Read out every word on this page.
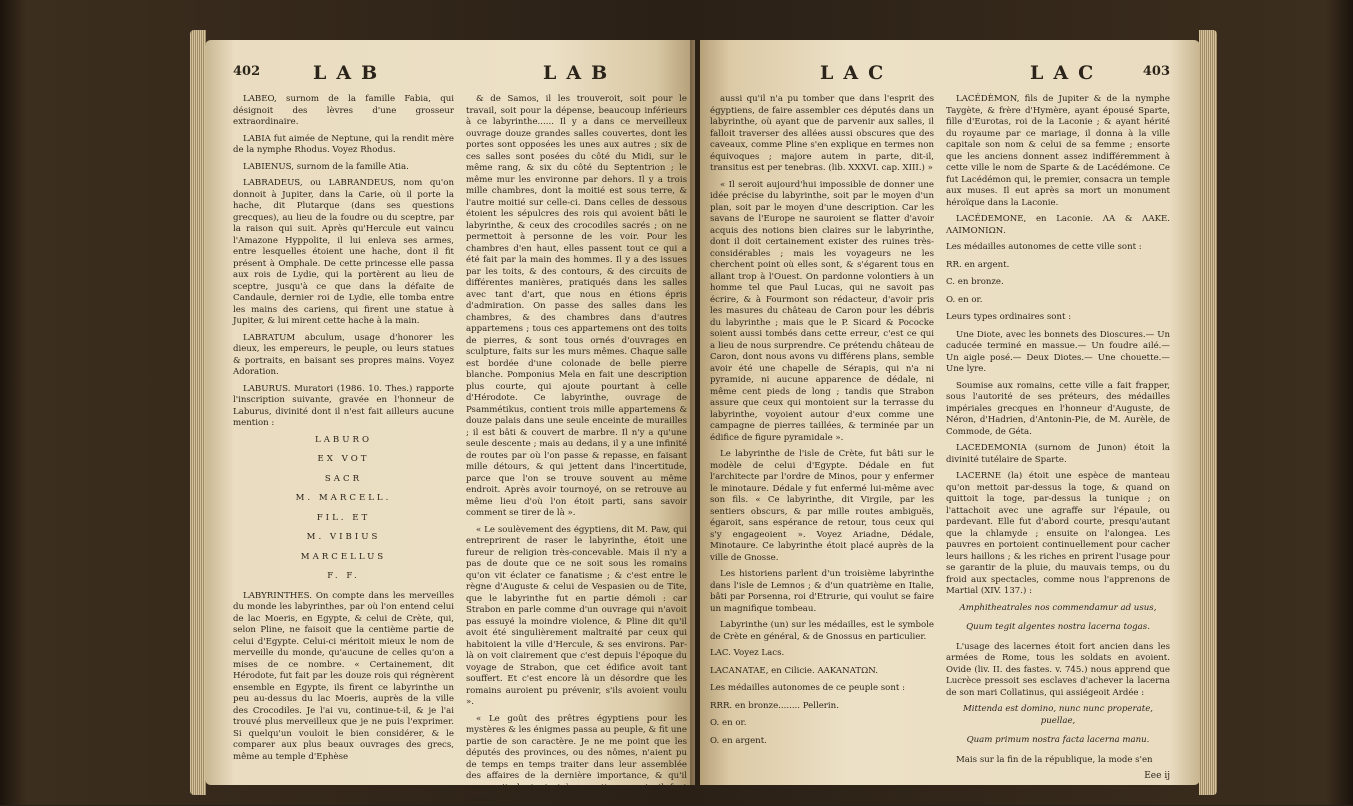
402	LAB	LAB

LABEO, surnom de la famille Fabia, qui désignoit des lèvres d'une grosseur extraordinaire.

LABIA fut aimée de Neptune, qui la rendit mère de la nymphe Rhodus. Voyez Rhodus.

LABIENUS, surnom de la famille Atia.

LABRADEUS, ou LABRANDEUS, nom qu'on donnoit à Jupiter, dans la Carie, où il porte la hache, dit Plutarque (dans ses questions grecques), au lieu de la foudre ou du sceptre, par la raison qui suit. Après qu'Hercule eut vaincu l'Amazone Hyppolite, il lui enleva ses armes, entre lesquelles étoient une hache, dont il fit présent à Omphale. De cette princesse elle passa aux rois de Lydie, qui la portèrent au lieu de sceptre, jusqu'à ce que dans la défaite de Candaule, dernier roi de Lydie, elle tomba entre les mains des cariens, qui firent une statue à Jupiter, & lui mirent cette hache à la main.

LABRATUM abculum, usage d'honorer les dieux, les empereurs, le peuple, ou leurs statues & portraits, en baisant ses propres mains. Voyez Adoration.

LABURUS. Muratori (1986. 10. Thes.) rapporte l'inscription suivante, gravée en l'honneur de Laburus, divinité dont il n'est fait ailleurs aucune mention :

LABURO

EX VOT

SACR

M. MARCELL.

FIL. ET

M. VIBIUS

MARCELLUS

F. F.

LABYRINTHES. On compte dans les merveilles du monde les labyrinthes, par où l'on entend celui de lac Moeris, en Egypte, & celui de Crète, qui, selon Pline, ne faisoit que la centième partie de celui d'Egypte. Celui-ci méritoit mieux le nom de merveille du monde, qu'aucune de celles qu'on a mises de ce nombre. « Certainement, dit Hérodote, fut fait par les douze rois qui régnèrent ensemble en Egypte, ils firent ce labyrinthe un peu au-dessus du lac Moeris, auprès de la ville des Crocodiles. Je l'ai vu, continue-t-il, & je l'ai trouvé plus merveilleux que je ne puis l'exprimer. Si quelqu'un vouloit le bien considérer, & le comparer aux plus beaux ouvrages des grecs, même au temple d'Ephèse

& de Samos, il les trouveroit, soit pour le travail, soit pour la dépense, beaucoup inférieurs à ce labyrinthe...... Il y a dans ce merveilleux ouvrage douze grandes salles couvertes, dont les portes sont opposées les unes aux autres ; six de ces salles sont posées du côté du Midi, sur le même rang, & six du côté du Septentrion ; le même mur les environne par dehors. Il y a trois mille chambres, dont la moitié est sous terre, & l'autre moitié sur celle-ci. Dans celles de dessous étoient les sépulcres des rois qui avoient bâti le labyrinthe, & ceux des crocodiles sacrés ; on ne permettoit à personne de les voir. Pour les chambres d'en haut, elles passent tout ce qui a été fait par la main des hommes. Il y a des issues par les toits, & des contours, & des circuits de différentes manières, pratiqués dans les salles avec tant d'art, que nous en étions épris d'admiration. On passe des salles dans les chambres, & des chambres dans d'autres appartemens ; tous ces appartemens ont des toits de pierres, & sont tous ornés d'ouvrages en sculpture, faits sur les murs mêmes. Chaque salle est bordée d'une colonade de belle pierre blanche. Pomponius Mela en fait une description plus courte, qui ajoute pourtant à celle d'Hérodote. Ce labyrinthe, ouvrage de Psammétikus, contient trois mille appartemens & douze palais dans une seule enceinte de murailles ; il est bâti & couvert de marbre. Il n'y a qu'une seule descente ; mais au dedans, il y a une infinité de routes par où l'on passe & repasse, en faisant mille détours, & qui jettent dans l'incertitude, parce que l'on se trouve souvent au même endroit. Après avoir tournoyé, on se retrouve au même lieu d'où l'on étoit parti, sans savoir comment se tirer de là ».

« Le soulèvement des égyptiens, dit M. Paw, qui entreprirent de raser le labyrinthe, étoit une fureur de religion très-concevable. Mais il n'y a pas de doute que ce ne soit sous les romains qu'on vit éclater ce fanatisme ; & c'est entre le règne d'Auguste & celui de Vespasien ou de Tite, que le labyrinthe fut en partie démoli : car Strabon en parle comme d'un ouvrage qui n'avoit pas essuyé la moindre violence, & Pline dit qu'il avoit été singulièrement maltraité par ceux qui habitoient la ville d'Hercule, & ses environs. Par-là on voit clairement que c'est depuis l'époque du voyage de Strabon, que cet édifice avoit tant souffert. Et c'est encore là un désordre que les romains auroient pu prévenir, s'ils avoient voulu ».

« Le goût des prêtres égyptiens pour les mystères & les énigmes passa au peuple, & fit une partie de son caractère. Je ne me point que les députés des provinces, ou des nômes, n'aient pu de temps en temps traiter dans leur assemblée des affaires de la dernière importance, & qu'il convenoit de tenir très-secrettes ; mais il faut avouer

LAC	LAC	403

aussi qu'il n'a pu tomber que dans l'esprit des égyptiens, de faire assembler ces députés dans un labyrinthe, où ayant que de parvenir aux salles, il falloit traverser des allées aussi obscures que des caveaux, comme Pline s'en explique en termes non équivoques ; majore autem in parte, dit-il, transitus est per tenebras. (lib. XXXVI. cap. XIII.) »

« Il seroit aujourd'hui impossible de donner une idée précise du labyrinthe, soit par le moyen d'un plan, soit par le moyen d'une description. Car les savans de l'Europe ne sauroient se flatter d'avoir acquis des notions bien claires sur le labyrinthe, dont il doit certainement exister des ruines très-considérables ; mais les voyageurs ne les cherchent point où elles sont, & s'égarent tous en allant trop à l'Ouest. On pardonne volontiers à un homme tel que Paul Lucas, qui ne savoit pas écrire, & à Fourmont son rédacteur, d'avoir pris les masures du château de Caron pour les débris du labyrinthe ; mais que le P. Sicard & Pococke soient aussi tombés dans cette erreur, c'est ce qui a lieu de nous surprendre. Ce prétendu château de Caron, dont nous avons vu différens plans, semble avoir été une chapelle de Sérapis, qui n'a ni pyramide, ni aucune apparence de dédale, ni même cent pieds de long ; tandis que Strabon assure que ceux qui montoient sur la terrasse du labyrinthe, voyoient autour d'eux comme une campagne de pierres taillées, & terminée par un édifice de figure pyramidale ».

Le labyrinthe de l'isle de Crète, fut bâti sur le modèle de celui d'Egypte. Dédale en fut l'architecte par l'ordre de Minos, pour y enfermer le minotaure. Dédale y fut enfermé lui-même avec son fils. « Ce labyrinthe, dit Virgile, par les sentiers obscurs, & par mille routes ambiguës, égaroit, sans espérance de retour, tous ceux qui s'y engageoient ». Voyez Ariadne, Dédale, Minotaure. Ce labyrinthe étoit placé auprès de la ville de Gnosse.

Les historiens parlent d'un troisième labyrinthe dans l'isle de Lemnos ; & d'un quatrième en Italie, bâti par Porsenna, roi d'Etrurie, qui voulut se faire un magnifique tombeau.

Labyrinthe (un) sur les médailles, est le symbole de Crète en général, & de Gnossus en particulier.

LAC. Voyez Lacs.

LACANATAE, en Cilicie. AAKANATΩN.

Les médailles autonomes de ce peuple sont :

RRR. en bronze........ Pellerin.

O. en or.

O. en argent.

LACÉDÈMON, fils de Jupiter & de la nymphe Taygète, & frère d'Hymère, ayant épousé Sparte, fille d'Eurotas, roi de la Laconie ; & ayant hérité du royaume par ce mariage, il donna à la ville capitale son nom & celui de sa femme ; ensorte que les anciens donnent assez indifféremment à cette ville le nom de Sparte & de Lacédémone. Ce fut Lacédémon qui, le premier, consacra un temple aux muses. Il eut après sa mort un monument héroïque dans la Laconie.

LACÉDEMONE, en Laconie. ΛΑ & ΛΑΚΕ. ΛΑΙΜΟΝΙΩΝ.

Les médailles autonomes de cette ville sont :

RR. en argent.

C. en bronze.

O. en or.

Leurs types ordinaires sont :

Une Diote, avec les bonnets des Dioscures.— Un caducée terminé en massue.— Un foudre ailé.— Un aigle posé.— Deux Diotes.— Une chouette.— Une lyre.

Soumise aux romains, cette ville a fait frapper, sous l'autorité de ses préteurs, des médailles impériales grecques en l'honneur d'Auguste, de Néron, d'Hadrien, d'Antonin-Pie, de M. Aurèle, de Commode, de Géta.

LACEDEMONIA (surnom de Junon) étoit la divinité tutélaire de Sparte.

LACERNE (la) étoit une espèce de manteau qu'on mettoit par-dessus la toge, & quand on quittoit la toge, par-dessus la tunique ; on l'attachoit avec une agraffe sur l'épaule, ou pardevant. Elle fut d'abord courte, presqu'autant que la chlamyde ; ensuite on l'alongea. Les pauvres en portoient continuellement pour cacher leurs haillons ; & les riches en prirent l'usage pour se garantir de la pluie, du mauvais temps, ou du froid aux spectacles, comme nous l'apprenons de Martial (XIV. 137.) :

Amphitheatrales nos commendamur ad usus,

Quum tegit algentes nostra lacerna togas.

L'usage des lacernes étoit fort ancien dans les armées de Rome, tous les soldats en avoient. Ovide (liv. II. des fastes. v. 745.) nous apprend que Lucrèce pressoit ses esclaves d'achever la lacerna de son mari Collatinus, qui assiégeoit Ardée :

Mittenda est domino, nunc nunc properate, puellae,

Quam primum nostra facta lacerna manu.

Mais sur la fin de la république, la mode s'en

Eee ij
